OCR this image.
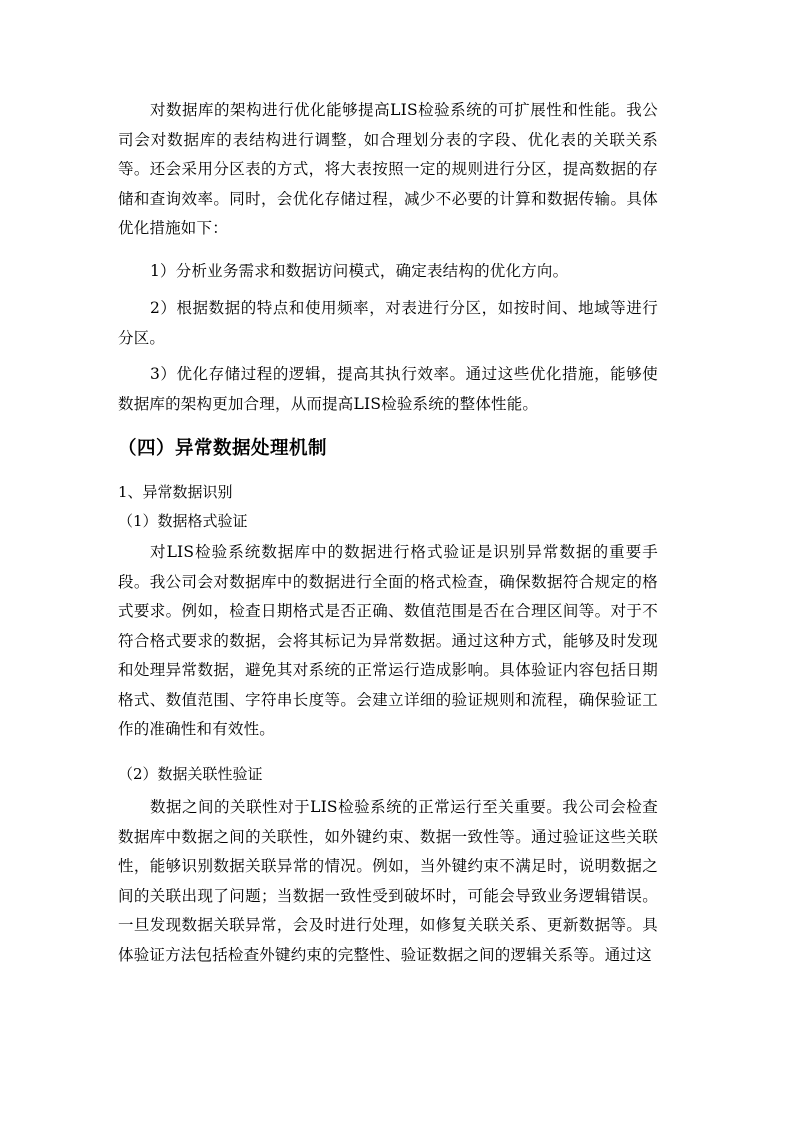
对数据库的架构进行优化能够提高LIS检验系统的可扩展性和性能。我公司会对数据库的表结构进行调整，如合理划分表的字段、优化表的关联关系等。还会采用分区表的方式，将大表按照一定的规则进行分区，提高数据的存储和查询效率。同时，会优化存储过程，减少不必要的计算和数据传输。具体优化措施如下：

1）分析业务需求和数据访问模式，确定表结构的优化方向。

2）根据数据的特点和使用频率，对表进行分区，如按时间、地域等进行分区。

3）优化存储过程的逻辑，提高其执行效率。通过这些优化措施，能够使数据库的架构更加合理，从而提高LIS检验系统的整体性能。

（四）异常数据处理机制

1、异常数据识别

（1）数据格式验证

对LIS检验系统数据库中的数据进行格式验证是识别异常数据的重要手段。我公司会对数据库中的数据进行全面的格式检查，确保数据符合规定的格式要求。例如，检查日期格式是否正确、数值范围是否在合理区间等。对于不符合格式要求的数据，会将其标记为异常数据。通过这种方式，能够及时发现和处理异常数据，避免其对系统的正常运行造成影响。具体验证内容包括日期格式、数值范围、字符串长度等。会建立详细的验证规则和流程，确保验证工作的准确性和有效性。

（2）数据关联性验证

数据之间的关联性对于LIS检验系统的正常运行至关重要。我公司会检查数据库中数据之间的关联性，如外键约束、数据一致性等。通过验证这些关联性，能够识别数据关联异常的情况。例如，当外键约束不满足时，说明数据之间的关联出现了问题；当数据一致性受到破坏时，可能会导致业务逻辑错误。一旦发现数据关联异常，会及时进行处理，如修复关联关系、更新数据等。具体验证方法包括检查外键约束的完整性、验证数据之间的逻辑关系等。通过这
